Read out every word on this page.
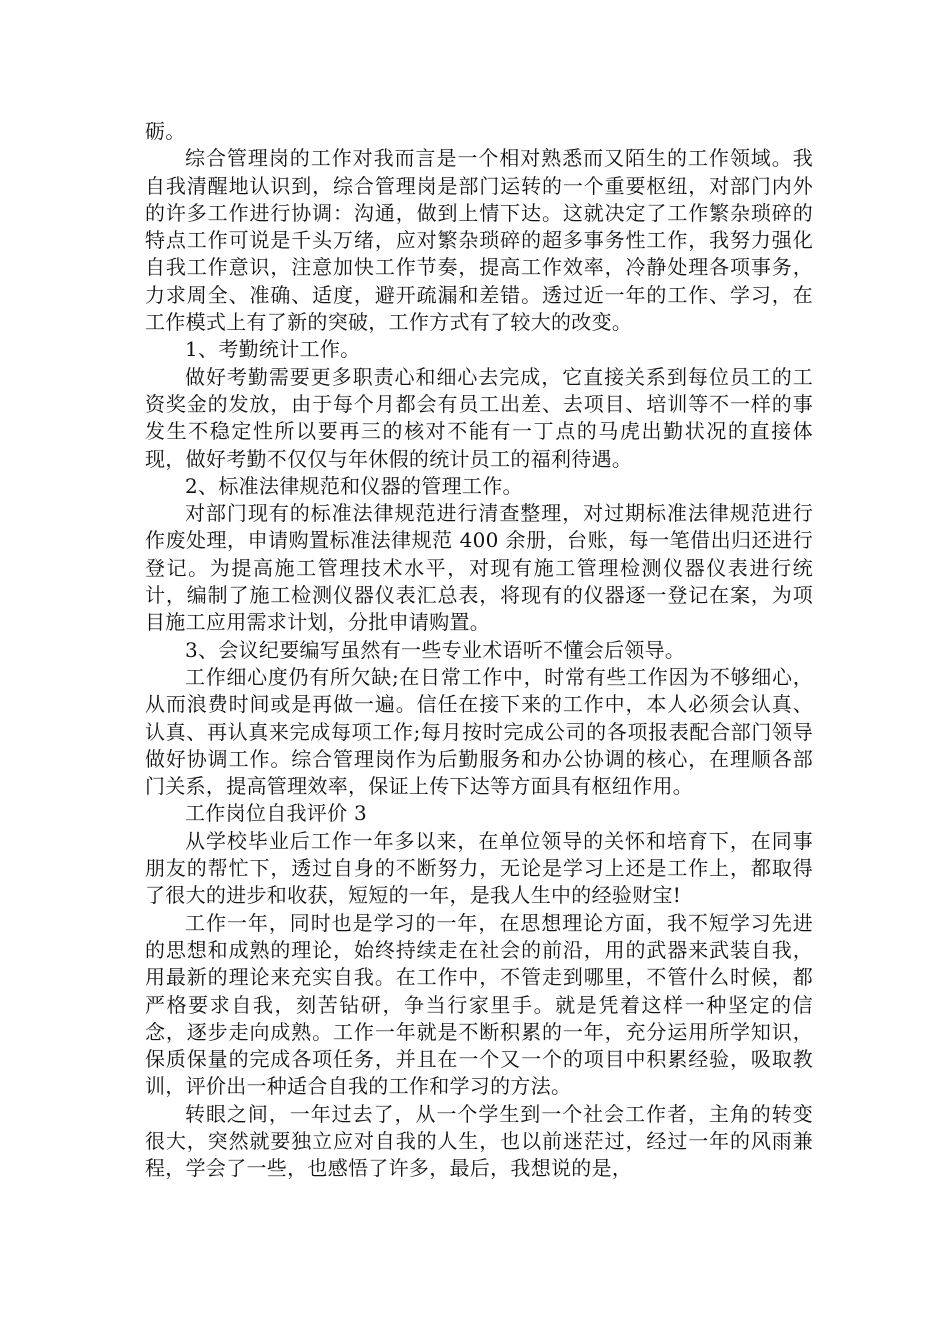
砺。

综合管理岗的工作对我而言是一个相对熟悉而又陌生的工作领域。我自我清醒地认识到，综合管理岗是部门运转的一个重要枢纽，对部门内外的许多工作进行协调：沟通，做到上情下达。这就决定了工作繁杂琐碎的特点工作可说是千头万绪，应对繁杂琐碎的超多事务性工作，我努力强化自我工作意识，注意加快工作节奏，提高工作效率，冷静处理各项事务，力求周全、准确、适度，避开疏漏和差错。透过近一年的工作、学习，在工作模式上有了新的突破，工作方式有了较大的改变。

1、考勤统计工作。

做好考勤需要更多职责心和细心去完成，它直接关系到每位员工的工资奖金的发放，由于每个月都会有员工出差、去项目、培训等不一样的事发生不稳定性所以要再三的核对不能有一丁点的马虎出勤状况的直接体现，做好考勤不仅仅与年休假的统计员工的福利待遇。

2、标准法律规范和仪器的管理工作。

对部门现有的标准法律规范进行清查整理，对过期标准法律规范进行作废处理，申请购置标准法律规范 400 余册，台账，每一笔借出归还进行登记。为提高施工管理技术水平，对现有施工管理检测仪器仪表进行统计，编制了施工检测仪器仪表汇总表，将现有的仪器逐一登记在案，为项目施工应用需求计划，分批申请购置。

3、会议纪要编写虽然有一些专业术语听不懂会后领导。

工作细心度仍有所欠缺;在日常工作中，时常有些工作因为不够细心，从而浪费时间或是再做一遍。信任在接下来的工作中，本人必须会认真、认真、再认真来完成每项工作;每月按时完成公司的各项报表配合部门领导做好协调工作。综合管理岗作为后勤服务和办公协调的核心，在理顺各部门关系，提高管理效率，保证上传下达等方面具有枢纽作用。

工作岗位自我评价 3

从学校毕业后工作一年多以来，在单位领导的关怀和培育下，在同事朋友的帮忙下，透过自身的不断努力，无论是学习上还是工作上，都取得了很大的进步和收获，短短的一年，是我人生中的经验财宝!

工作一年，同时也是学习的一年，在思想理论方面，我不短学习先进的思想和成熟的理论，始终持续走在社会的前沿，用的武器来武装自我，用最新的理论来充实自我。在工作中，不管走到哪里，不管什么时候，都严格要求自我，刻苦钻研，争当行家里手。就是凭着这样一种坚定的信念，逐步走向成熟。工作一年就是不断积累的一年，充分运用所学知识，保质保量的完成各项任务，并且在一个又一个的项目中积累经验，吸取教训，评价出一种适合自我的工作和学习的方法。

转眼之间，一年过去了，从一个学生到一个社会工作者，主角的转变很大，突然就要独立应对自我的人生，也以前迷茫过，经过一年的风雨兼程，学会了一些，也感悟了许多，最后，我想说的是，
